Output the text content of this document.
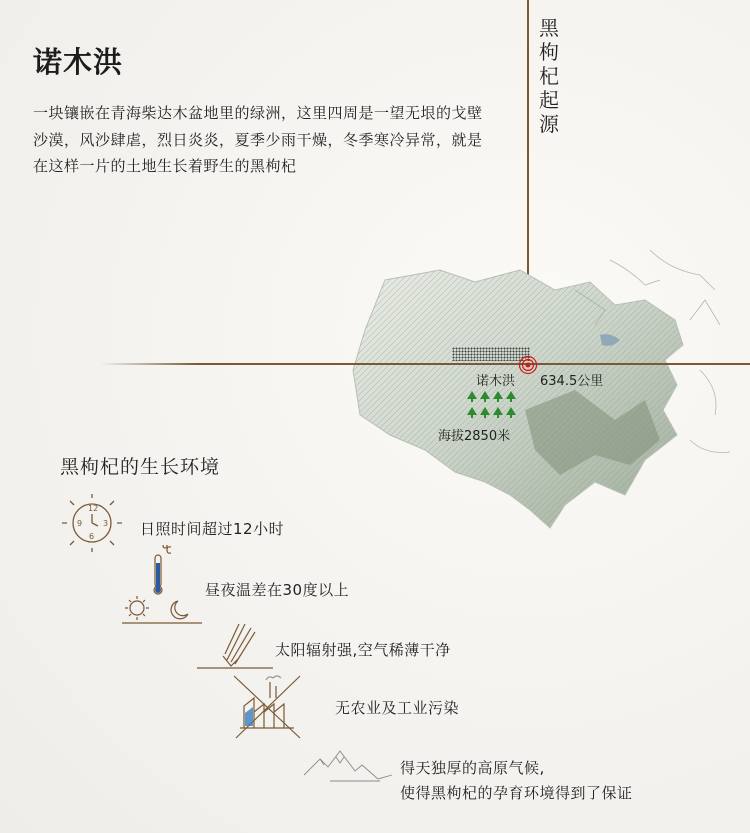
诺木洪
一块镶嵌在青海柴达木盆地里的绿洲，这里四周是一望无垠的戈壁沙漠，风沙肆虐，烈日炎炎，夏季少雨干燥，冬季寒冷异常，就是在这样一片的土地生长着野生的黑枸杞
黑
枸
杞
起
源
诺木洪 634.5公里
海拔2850米
黑枸杞的生长环境
12
9	3
6	日照时间超过12小时
昼夜温差在30度以上
太阳辐射强,空气稀薄干净
无农业及工业污染
得天独厚的高原气候,
使得黑枸杞的孕育环境得到了保证
